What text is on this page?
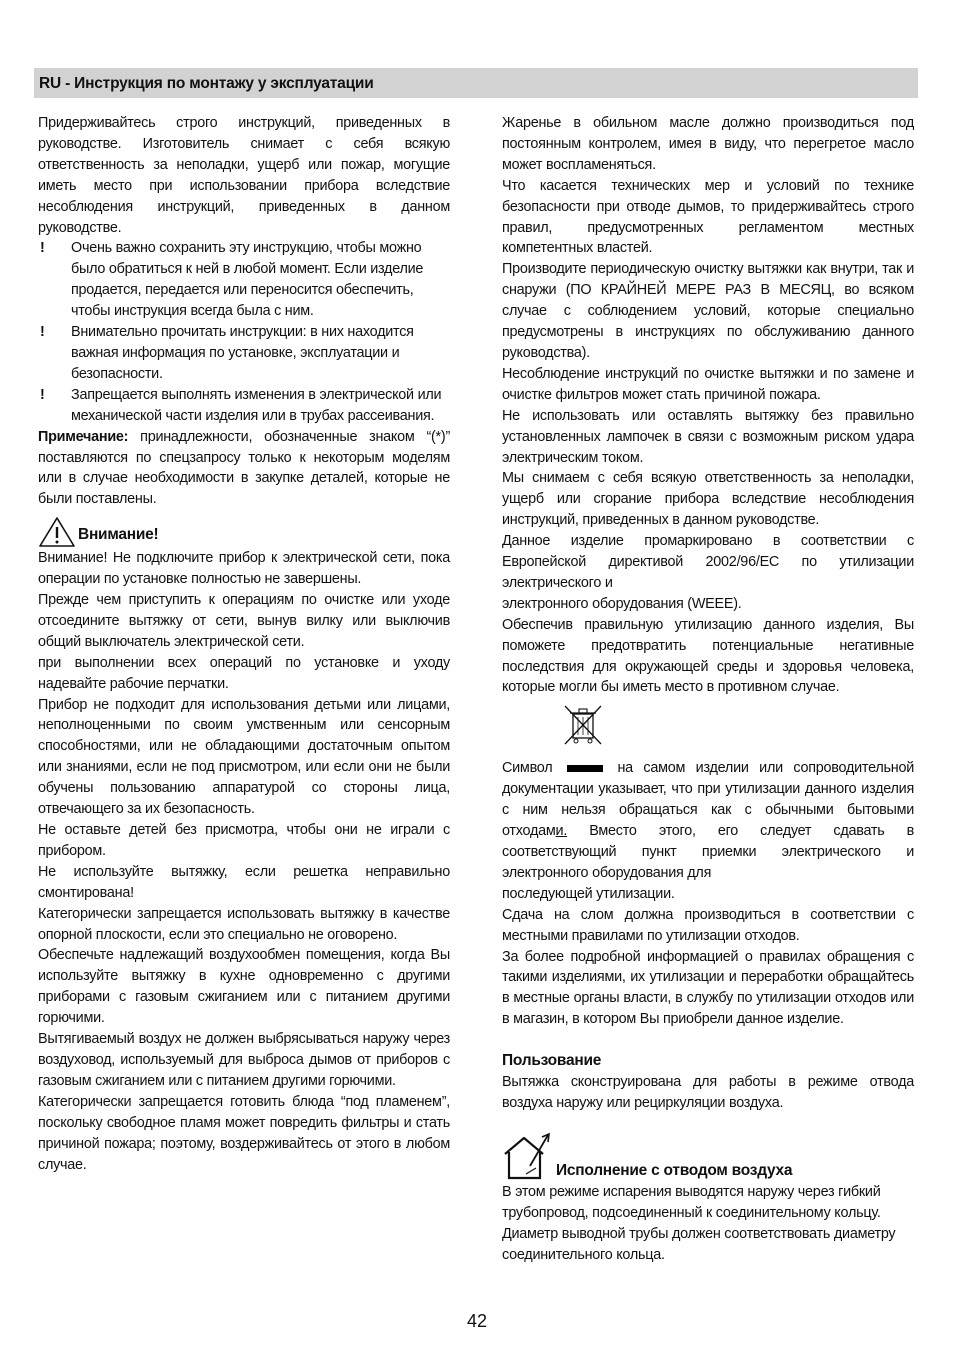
RU - Инструкция по монтажу у эксплуатации

Придерживайтесь строго инструкций, приведенных в руководстве. Изготовитель снимает с себя всякую ответственность за неполадки, ущерб или пожар, могущие иметь место при использовании прибора вследствие несоблюдения инструкций, приведенных в данном руководстве.

! Очень важно сохранить эту инструкцию, чтобы можно было обратиться к ней в любой момент. Если изделие продается, передается или переносится обеспечить, чтобы инструкция всегда была с ним.
! Внимательно прочитать инструкции: в них находится важная информация по установке, эксплуатации и безопасности.
! Запрещается выполнять изменения в электрической или механической части изделия или в трубах рассеивания.

Примечание: принадлежности, обозначенные знаком “(*)” поставляются по спецзапросу только к некоторым моделям или в случае необходимости в закупке деталей, которые не были поставлены.

Внимание!

Внимание! Не подключите прибор к электрической сети, пока операции по установке полностью не завершены.

Прежде чем приступить к операциям по очистке или уходе отсоедините вытяжку от сети, вынув вилку или выключив общий выключатель электрической сети.

при выполнении всех операций по установке и уходу надевайте рабочие перчатки.

Прибор не подходит для использования детьми или лицами, неполноценными по своим умственным или сенсорным способностями, или не обладающими достаточным опытом или знаниями, если не под присмотром, или если они не были обучены пользованию аппаратурой со стороны лица, отвечающего за их безопасность.

Не оставьте детей без присмотра, чтобы они не играли с прибором.

Не используйте вытяжку, если решетка неправильно смонтирована!

Категорически запрещается использовать вытяжку в качестве опорной плоскости, если это специально не оговорено.

Обеспечьте надлежащий воздухообмен помещения, когда Вы используйте вытяжку в кухне одновременно с другими приборами с газовым сжиганием или с питанием другими горючими.

Вытягиваемый воздух не должен выбрясываться наружу через воздуховод, используемый для выброса дымов от приборов с газовым сжиганием или с питанием другими горючими.

Категорически запрещается готовить блюда “под пламенем”, поскольку свободное пламя может повредить фильтры и стать причиной пожара; поэтому, воздерживайтесь от этого в любом случае.

Жаренье в обильном масле должно производиться под постоянным контролем, имея в виду, что перегретое масло может воспламеняться.

Что касается технических мер и условий по технике безопасности при отводе дымов, то придерживайтесь строго правил, предусмотренных регламентом местных компетентных властей.

Производите периодическую очистку вытяжки как внутри, так и снаружи (ПО КРАЙНЕЙ МЕРЕ РАЗ В МЕСЯЦ, во всяком случае с соблюдением условий, которые специально предусмотрены в инструкциях по обслуживанию данного руководства).

Несоблюдение инструкций по очистке вытяжки и по замене и очистке фильтров может стать причиной пожара.

Не использовать или оставлять вытяжку без правильно установленных лампочек в связи с возможным риском удара электрическим током.

Мы снимаем с себя всякую ответственность за неполадки, ущерб или сгорание прибора вследствие несоблюдения инструкций, приведенных в данном руководстве.

Данное изделие промаркировано в соответствии с Европейской директивой 2002/96/EC по утилизации электрического и

электронного оборудования (WEEE).

Обеспечив правильную утилизацию данного изделия, Вы поможете предотвратить потенциальные негативные последствия для окружающей среды и здоровья человека, которые могли бы иметь место в противном случае.

Символ	на самом изделии или сопроводительной документации указывает, что при утилизации данного изделия с ним нельзя обращаться как с обычными бытовыми отходами. Вместо этого, его следует сдавать в соответствующий пункт приемки электрического и электронного оборудования для

последующей утилизации.

Сдача на слом должна производиться в соответствии с местными правилами по утилизации отходов.

За более подробной информацией о правилах обращения с такими изделиями, их утилизации и переработки обращайтесь в местные органы власти, в службу по утилизации отходов или в магазин, в котором Вы приобрели данное изделие.

Пользование

Вытяжка сконструирована для работы в режиме отвода воздуха наружу или рециркуляции воздуха.

Исполнение с отводом воздуха

В этом режиме испарения выводятся наружу через гибкий трубопровод, подсоединенный к соединительному кольцу. Диаметр выводной трубы должен соответствовать диаметру соединительного кольца.

42
